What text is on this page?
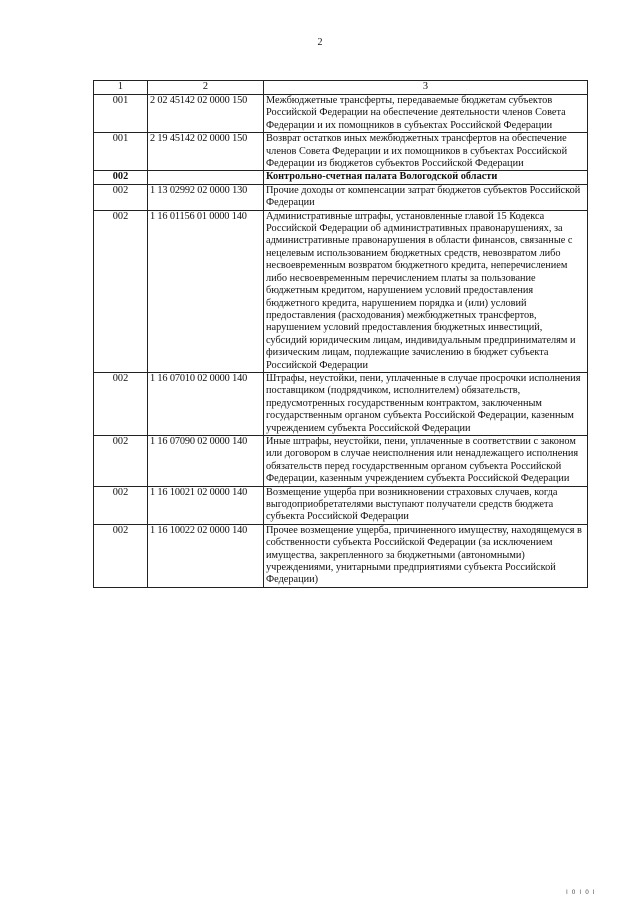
2
1	2	3
001	2 02 45142 02 0000 150	Межбюджетные трансферты, передаваемые бюджетам субъектов Российской Федерации на обеспечение деятельности членов Совета Федерации и их помощников в субъектах Российской Федерации
001	2 19 45142 02 0000 150	Возврат остатков иных межбюджетных трансфертов на обеспечение членов Совета Федерации и их помощников в субъектах Российской Федерации из бюджетов субъектов Российской Федерации
002		Контрольно-счетная палата Вологодской области
002	1 13 02992 02 0000 130	Прочие доходы от компенсации затрат бюджетов субъектов Российской Федерации
002	1 16 01156 01 0000 140	Административные штрафы, установленные главой 15 Кодекса Российской Федерации об административных правонарушениях, за административные правонарушения в области финансов, связанные с нецелевым использованием бюджетных средств, невозвратом либо несвоевременным возвратом бюджетного кредита, неперечислением либо несвоевременным перечислением платы за пользование бюджетным кредитом, нарушением условий предоставления бюджетного кредита, нарушением порядка и (или) условий предоставления (расходования) межбюджетных трансфертов, нарушением условий предоставления бюджетных инвестиций, субсидий юридическим лицам, индивидуальным предпринимателям и физическим лицам, подлежащие зачислению в бюджет субъекта Российской Федерации
002	1 16 07010 02 0000 140	Штрафы, неустойки, пени, уплаченные в случае просрочки исполнения поставщиком (подрядчиком, исполнителем) обязательств, предусмотренных государственным контрактом, заключенным государственным органом субъекта Российской Федерации, казенным учреждением субъекта Российской Федерации
002	1 16 07090 02 0000 140	Иные штрафы, неустойки, пени, уплаченные в соответствии с законом или договором в случае неисполнения или ненадлежащего исполнения обязательств перед государственным органом субъекта Российской Федерации, казенным учреждением субъекта Российской Федерации
002	1 16 10021 02 0000 140	Возмещение ущерба при возникновении страховых случаев, когда выгодоприобретателями выступают получатели средств бюджета субъекта Российской Федерации
002	1 16 10022 02 0000 140	Прочее возмещение ущерба, причиненного имуществу, находящемуся в собственности субъекта Российской Федерации (за исключением имущества, закрепленного за бюджетными (автономными) учреждениями, унитарными предприятиями субъекта Российской Федерации)
I 0 I 0 I
